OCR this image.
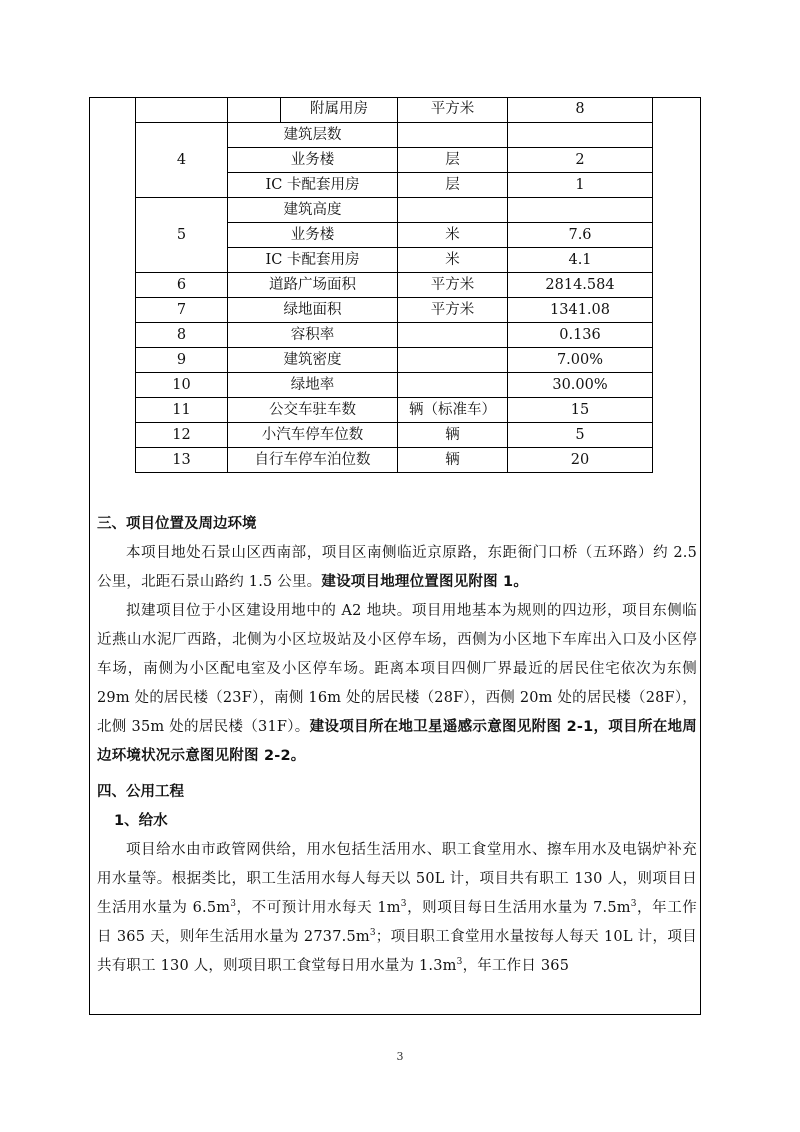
		附属用房	平方米	8
4	建筑层数			
	业务楼		层	2
	IC 卡配套用房		层	1
5	建筑高度			
	业务楼		米	7.6
	IC 卡配套用房		米	4.1
6	道路广场面积		平方米	2814.584
7	绿地面积		平方米	1341.08
8	容积率			0.136
9	建筑密度			7.00%
10	绿地率			30.00%
11	公交车驻车数		辆（标准车）	15
12	小汽车停车位数		辆	5
13	自行车停车泊位数		辆	20
三、项目位置及周边环境
本项目地处石景山区西南部，项目区南侧临近京原路，东距衙门口桥（五环路）约 2.5 公里，北距石景山路约 1.5 公里。建设项目地理位置图见附图 1。
拟建项目位于小区建设用地中的 A2 地块。项目用地基本为规则的四边形，项目东侧临近燕山水泥厂西路，北侧为小区垃圾站及小区停车场，西侧为小区地下车库出入口及小区停车场，南侧为小区配电室及小区停车场。距离本项目四侧厂界最近的居民住宅依次为东侧 29m 处的居民楼（23F），南侧 16m 处的居民楼（28F），西侧 20m 处的居民楼（28F），北侧 35m 处的居民楼（31F）。建设项目所在地卫星遥感示意图见附图 2-1，项目所在地周边环境状况示意图见附图 2-2。
四、公用工程
1、给水
项目给水由市政管网供给，用水包括生活用水、职工食堂用水、擦车用水及电锅炉补充用水量等。根据类比，职工生活用水每人每天以 50L 计，项目共有职工 130 人，则项目日生活用水量为 $6.5m^3$，不可预计用水每天 $1m^3$，则项目每日生活用水量为 $7.5m^3$，年工作日 365 天，则年生活用水量为 $2737.5m^3$；项目职工食堂用水量按每人每天 10L 计，项目共有职工 130 人，则项目职工食堂每日用水量为 $1.3m^3$，年工作日 365
3
